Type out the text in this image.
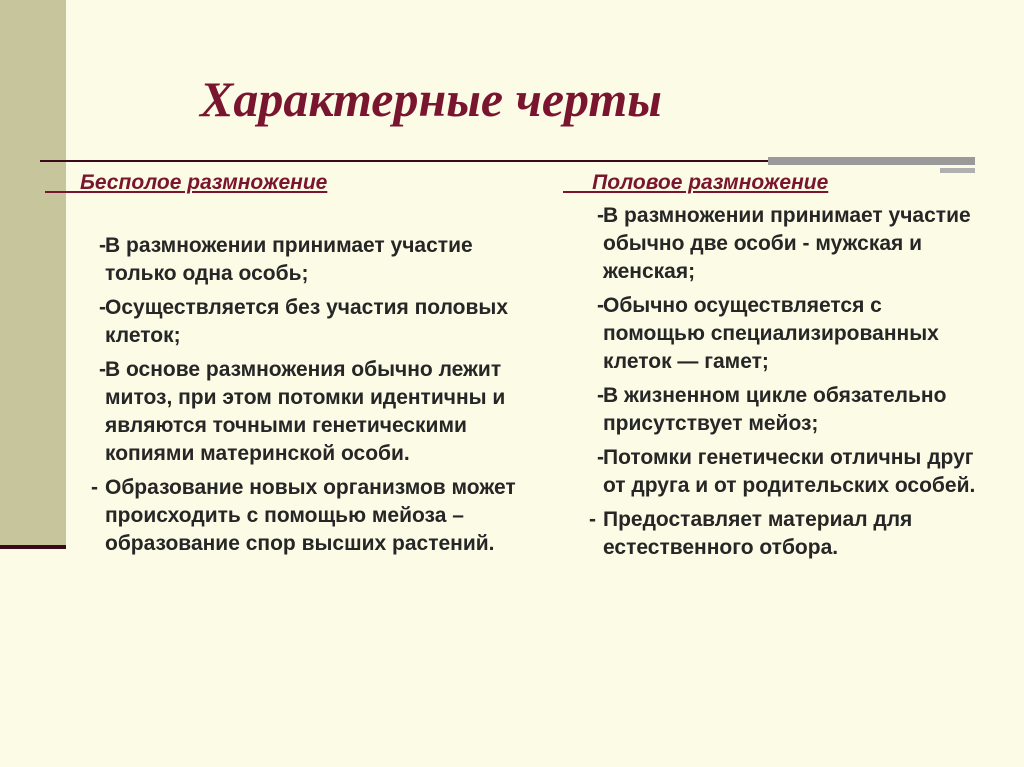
Характерные черты
Бесполое размножение
- В размножении принимает участие только одна особь;
- Осуществляется без участия половых клеток;
- В основе размножения обычно лежит митоз, при этом потомки идентичны и являются точными генетическими копиями материнской особи.
- Образование новых организмов может происходить с помощью мейоза – образование спор высших растений.
Половое размножение
- В размножении принимает участие обычно две особи - мужская и женская;
- Обычно осуществляется с помощью специализированных клеток — гамет;
- В жизненном цикле обязательно присутствует мейоз;
- Потомки генетически отличны друг от друга и от родительских особей.
- Предоставляет материал для естественного отбора.
